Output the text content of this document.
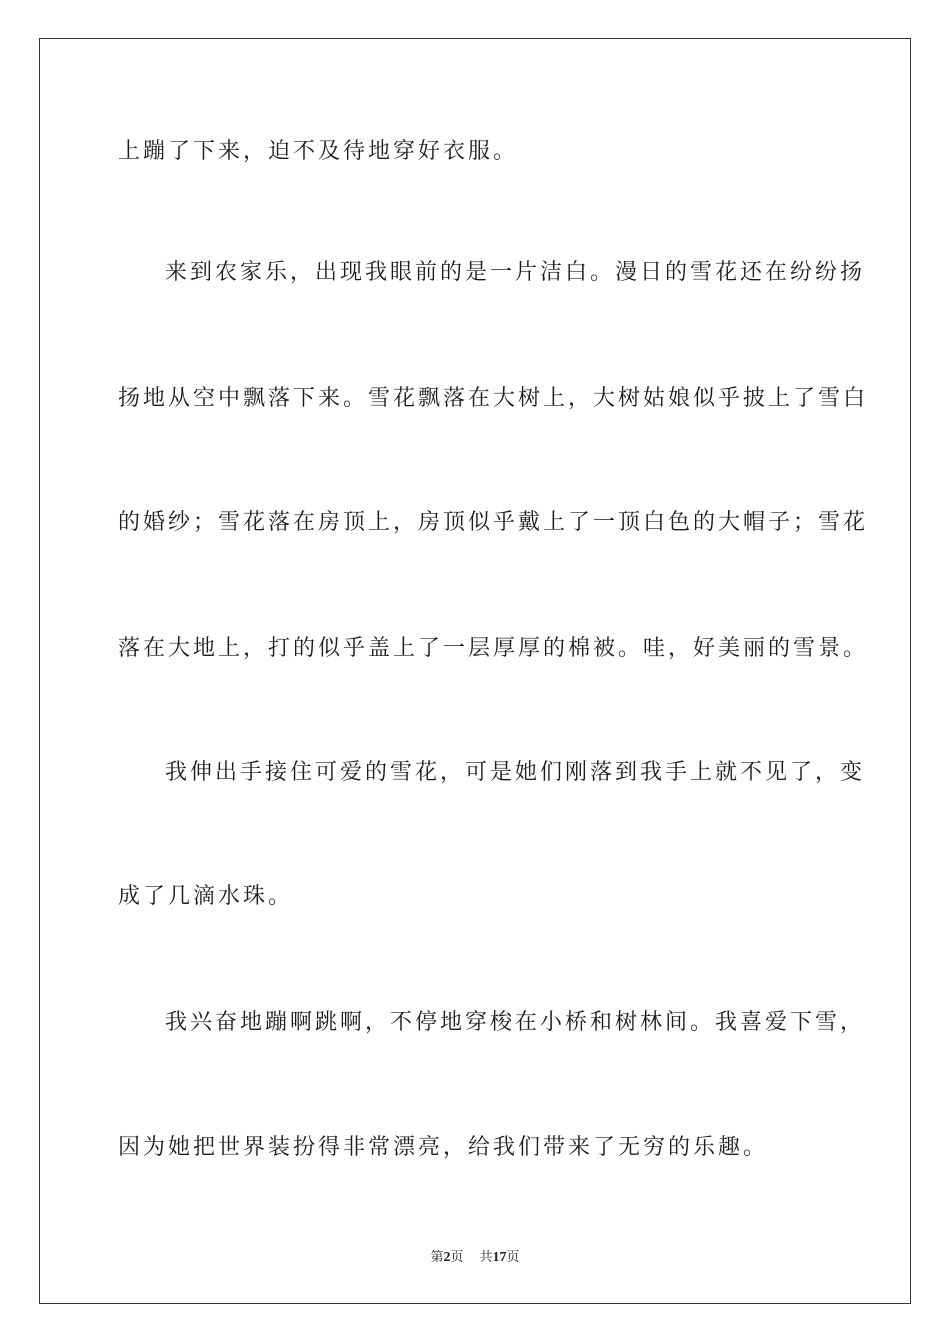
上蹦了下来，迫不及待地穿好衣服。
来到农家乐，出现我眼前的是一片洁白。漫日的雪花还在纷纷扬
扬地从空中飘落下来。雪花飘落在大树上，大树姑娘似乎披上了雪白
的婚纱；雪花落在房顶上，房顶似乎戴上了一顶白色的大帽子；雪花
落在大地上，打的似乎盖上了一层厚厚的棉被。哇，好美丽的雪景。
我伸出手接住可爱的雪花，可是她们刚落到我手上就不见了，变
成了几滴水珠。
我兴奋地蹦啊跳啊，不停地穿梭在小桥和树林间。我喜爱下雪，
因为她把世界装扮得非常漂亮，给我们带来了无穷的乐趣。
第2页 共17页
